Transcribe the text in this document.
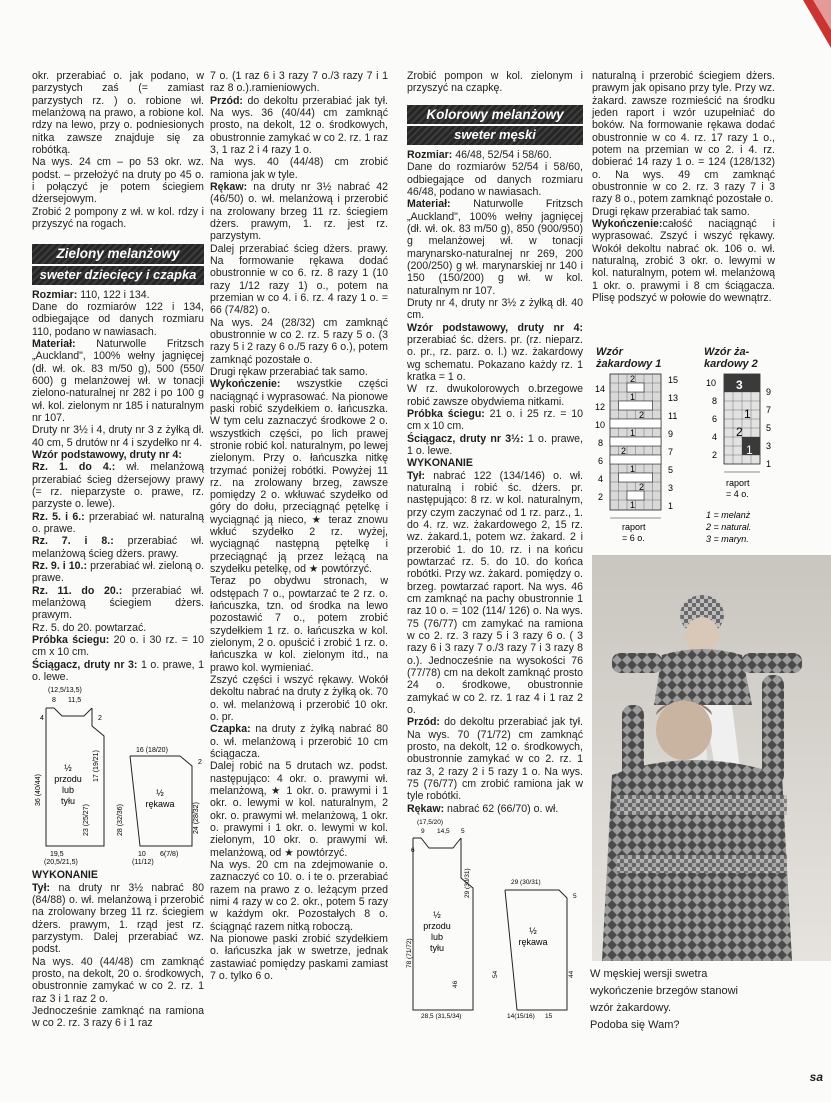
okr. przerabiać o. jak podano, w parzystych zaś (= zamiast parzystych rz. ) o. robione wł. melanżową na prawo, a robione kol. rdzy na lewo, przy o. podniesionych nitka zawsze znajduje się za robótką.

Na wys. 24 cm – po 53 okr. wz. podst. – przełożyć na druty po 45 o. i połączyć je potem ściegiem dżersejowym.

Zrobić 2 pompony z wł. w kol. rdzy i przyszyć na rogach.

Zielony melanżowy
sweter dziecięcy i czapka

Rozmiar: 110, 122 i 134.

Dane do rozmiarów 122 i 134, odbiegające od danych rozmiaru 110, podano w nawiasach.

Materiał: Naturwolle Fritzsch „Auckland", 100% wełny jagnięcej (dł. wł. ok. 83 m/50 g), 500 (550/ 600) g melanżowej wł. w tonacji zielono-naturalnej nr 282 i po 100 g wł. kol. zielonym nr 185 i naturalnym nr 107.

Druty nr 3½ i 4, druty nr 3 z żyłką dł. 40 cm, 5 drutów nr 4 i szydełko nr 4.

Wzór podstawowy, druty nr 4:

Rz. 1. do 4.: wł. melanżową przerabiać ścieg dżersejowy prawy (= rz. nieparzyste o. prawe, rz. parzyste o. lewe).

Rz. 5. i 6.: przerabiać wł. naturalną o. prawe.

Rz. 7. i 8.: przerabiać wł. melanżową ścieg dżers. prawy.

Rz. 9. i 10.: przerabiać wł. zieloną o. prawe.

Rz. 11. do 20.: przerabiać wł. melanżową ściegiem dżers. prawym.

Rz. 5. do 20. powtarzać.

Próbka ściegu: 20 o. i 30 rz. = 10 cm x 10 cm.

Ściągacz, druty nr 3: 1 o. prawe, 1 o. lewe.

(12,5/13,5)
8 11,5
½
przodu
lub
tyłu
36 (40/44)
23 (25/27)
17 (19/21)
4	2
19,5
(20,5/21,5)
16 (18/20)
½
rękawa
28 (32/36)	24 (28/32)
2
10
(11/12)
6(7/8)

WYKONANIE

Tył: na druty nr 3½ nabrać 80 (84/88) o. wł. melanżową i przerobić na zrolowany brzeg 11 rz. ściegiem dżers. prawym, 1. rząd jest rz. parzystym. Dalej przerabiać wz. podst.

Na wys. 40 (44/48) cm zamknąć prosto, na dekolt, 20 o. środkowych, obustronnie zamykać w co 2. rz. 1 raz 3 i 1 raz 2 o.

Jednocześnie zamknąć na ramiona w co 2. rz. 3 razy 6 i 1 raz

7 o. (1 raz 6 i 3 razy 7 o./3 razy 7 i 1 raz 8 o.).ramieniowych.

Przód: do dekoltu przerabiać jak tył. Na wys. 36 (40/44) cm zamknąć prosto, na dekolt, 12 o. środkowych, obustronnie zamykać w co 2. rz. 1 raz 3, 1 raz 2 i 4 razy 1 o.

Na wys. 40 (44/48) cm zrobić ramiona jak w tyle.

Rękaw: na druty nr 3½ nabrać 42 (46/50) o. wł. melanżową i przerobić na zrolowany brzeg 11 rz. ściegiem dżers. prawym, 1. rz. jest rz. parzystym.

Dalej przerabiać ścieg dżers. prawy. Na formowanie rękawa dodać obustronnie w co 6. rz. 8 razy 1 (10 razy 1/12 razy 1) o., potem na przemian w co 4. i 6. rz. 4 razy 1 o. = 66 (74/82) o.

Na wys. 24 (28/32) cm zamknąć obustronnie w co 2. rz. 5 razy 5 o. (3 razy 5 i 2 razy 6 o./5 razy 6 o.), potem zamknąć pozostałe o.

Drugi rękaw przerabiać tak samo.

Wykończenie: wszystkie części naciągnąć i wyprasować. Na pionowe paski robić szydełkiem o. łańcuszka. W tym celu zaznaczyć środkowe 2 o. wszystkich części, po lich prawej stronie robić kol. naturalnym, po lewej zielonym. Przy o. łańcuszka nitkę trzymać poniżej robótki. Powyżej 11 rz. na zrolowany brzeg, zawsze pomiędzy 2 o. wkłuwać szydełko od góry do dołu, przeciągnąć pętelkę i wyciągnąć ją niеco, ★ teraz znowu wkłuć szydełko 2 rz. wyżej, wyciągnąć następną pętelkę i przeciągnąć ją przez leżącą na szydełku petelkę, od ★ powtórzyć.

Teraz po obydwu stronach, w odstępach 7 o., powtarzać te 2 rz. o. łańcuszka, tzn. od środka na lewo pozostawić 7 o., potem zrobić szydełkiem 1 rz. o. łańcuszka w kol. zielonym, 2 o. opuścić i zrobić 1 rz. o. łańcuszka w kol. zielonym itd., na prawo kol. wymieniać.

Zszyć części i wszyć rękawy. Wokół dekoltu nabrać na druty z żyłką ok. 70 o. wł. melanżową i przerobić 10 okr. o. pr.

Czapka: na druty z żyłką nabrać 80 o. wł. melanżową i przerobić 10 cm ściągacza.

Dalej robić na 5 drutach wz. podst. następująco: 4 okr. o. prawymi wł. melanżową, ★ 1 okr. o. prawymi i 1 okr. o. lewymi w kol. naturalnym, 2 okr. o. prawymi wł. melanżową, 1 okr. o. prawymi i 1 okr. o. lewymi w kol. zielonym, 10 okr. o. prawymi wł. melanżową, od ★ powtórzyć.

Na wys. 20 cm na zdejmowanie o. zaznaczyć co 10. o. i te o. przerabiać razem na prawo z o. leżącym przed nimi 4 razy w co 2. okr., potem 5 razy w każdym okr. Pozostałych 8 o. ściągnąć razem nitką roboczą.

Na pionowe paski zrobić szydełkiem o. łańcuszka jak w swetrze, jednak zastawiać pomiędzy paskami zamiast 7 o. tylko 6 o.

Zrobić pompon w kol. zielonym i przyszyć na czapkę.

Kolorowy melanżowy
sweter męski

Rozmiar: 46/48, 52/54 i 58/60.

Dane do rozmiarów 52/54 i 58/60, odbiegające od danych rozmiaru 46/48, podano w nawiasach.

Materiał: Naturwolle Fritzsch „Auckland", 100% wełny jagnięcej (dł. wł. ok. 83 m/50 g), 850 (900/950) g melanżowej wł. w tonacji marynarsko-naturalnej nr 269, 200 (200/250) g wł. marynarskiej nr 140 i 150 (150/200) g wł. w kol. naturalnym nr 107.

Druty nr 4, druty nr 3½ z żyłką dł. 40 cm.

Wzór podstawowy, druty nr 4: przerabiać śc. dżers. pr. (rz. nieparz. o. pr., rz. parz. o. l.) wz. żakardowy wg schematu. Pokazano każdy rz. 1 kratka = 1 o.

W rz. dwukolorowych o.brzegowe robić zawsze obydwiema nitkami.

Próbka ściegu: 21 o. i 25 rz. = 10 cm x 10 cm.

Ściągacz, druty nr 3½: 1 o. prawe, 1 o. lewe.

WYKONANIE

Tył: nabrać 122 (134/146) o. wł. naturalną i robić śc. dżers. pr. następująco: 8 rz. w kol. naturalnym, przy czym zaczynać od 1 rz. parz., 1. do 4. rz. wz. żakardowego 2, 15 rz. wz. żakard.1, potem wz. żakard. 2 i przerobić 1. do 10. rz. i na końcu powtarzać rz. 5. do 10. do końca robótki. Przy wz. żakard. pomiędzy o. brzeg. powtarzać raport. Na wys. 46 cm zamknąć na pachy obustronnie 1 raz 10 o. = 102 (114/ 126) o. Na wys. 75 (76/77) cm zamykać na ramiona w co 2. rz. 3 razy 5 i 3 razy 6 o. ( 3 razy 6 i 3 razy 7 o./3 razy 7 i 3 razy 8 o.). Jednocześnie na wysokości 76 (77/78) cm na dekolt zamknąć prosto 24 o. środkowe, obustronnie zamykać w co 2. rz. 1 raz 4 i 1 raz 2 o.

Przód: do dekoltu przerabiać jak tył. Na wys. 70 (71/72) cm zamknąć prosto, na dekolt, 12 o. środkowych, obustronnie zamykać w co 2. rz. 1 raz 3, 2 razy 2 i 5 razy 1 o. Na wys. 75 (76/77) cm zrobić ramiona jak w tyle robótki.

Rękaw: nabrać 62 (66/70) o. wł.

(17,5/20)
9 14,5 5
½
przodu
lub
tyłu
78 (71/72)
46
29 (30/31)
6
28,5 (31,5/34)
29 (30/31)
½
rękawa
54	44
5
14(15/16) 15

naturalną i przerobić ściegiem dżers. prawym jak opisano przy tyle. Przy wz. żakard. zawsze rozmieścić na środku jeden raport i wzór uzupełniać do boków. Na formowanie rękawa dodać obustronnie w co 4. rz. 17 razy 1 o., potem na przemian w co 2. i 4. rz. dobierać 14 razy 1 o. = 124 (128/132) o. Na wys. 49 cm zamknąć obustronnie w co 2. rz. 3 razy 7 i 3 razy 8 o., potem zamknąć pozostałe o.

Drugi rękaw przerabiać tak samo.

Wykończenie:całość naciągnąć i wyprasować. Zszyć i wszyć rękawy. Wokół dekoltu nabrać ok. 106 o. wł. naturalną, zrobić 3 okr. o. lewymi w kol. naturalnym, potem wł. melanżową 1 okr. o. prawymi i 8 cm ściągacza. Plisę podszyć w połowie do wewnątrz.

Wzór
żakardowy 1
Wzór ża-
kardowy 2
2
1
2
1
2
1
2
1
14
12
10
8
6
4
2
15
13
11
9
7
5
3
1
raport
= 6 o.
3
1
2
1
10
8
6
4
2
9
7
5
3
1
raport
= 4 o.
1 = melanż
2 = natural.
3 = maryn.
W męskiej wersji swetra
wykończenie brzegów stanowi
wzór żakardowy.
Podoba się Wam?
sa
